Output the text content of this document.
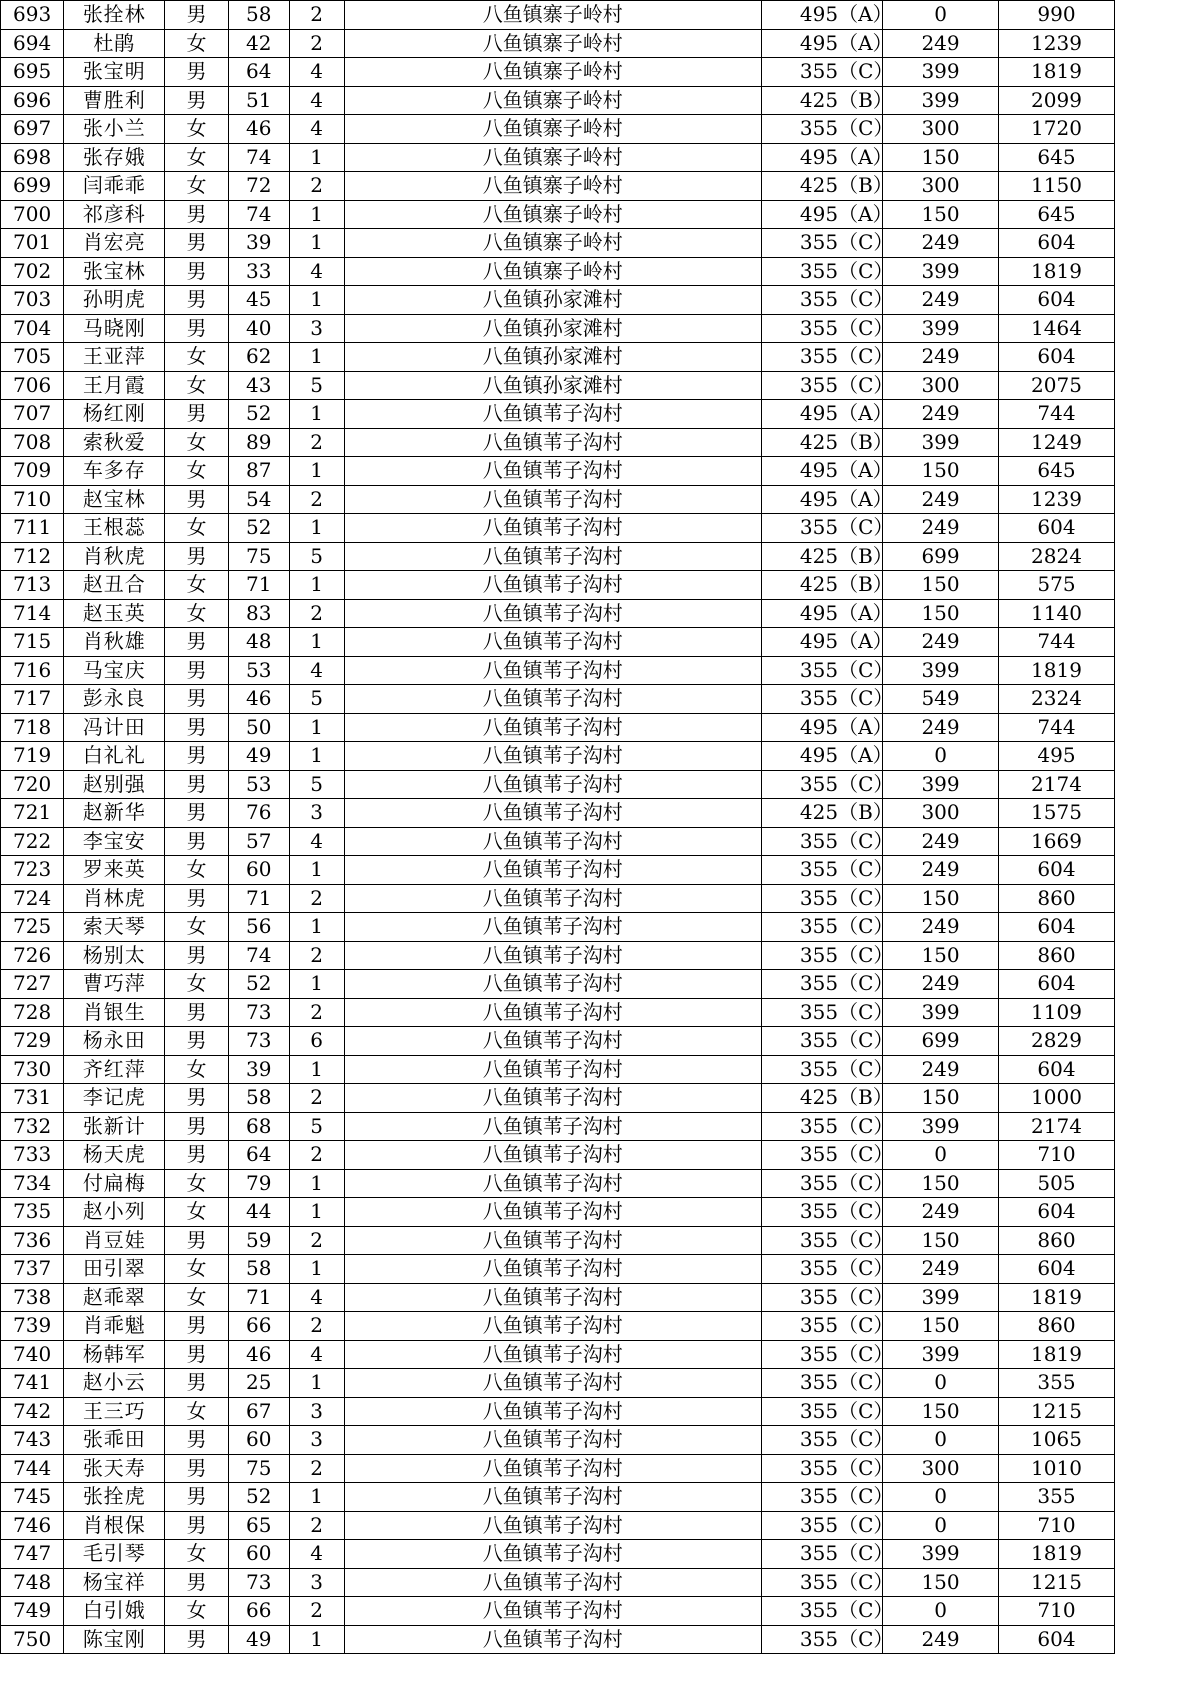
693	张拴林	男	58	2	八鱼镇寨子岭村	495（A）	0	990
694	杜鹃	女	42	2	八鱼镇寨子岭村	495（A）	249	1239
695	张宝明	男	64	4	八鱼镇寨子岭村	355（C）	399	1819
696	曹胜利	男	51	4	八鱼镇寨子岭村	425（B）	399	2099
697	张小兰	女	46	4	八鱼镇寨子岭村	355（C）	300	1720
698	张存娥	女	74	1	八鱼镇寨子岭村	495（A）	150	645
699	闫乖乖	女	72	2	八鱼镇寨子岭村	425（B）	300	1150
700	祁彦科	男	74	1	八鱼镇寨子岭村	495（A）	150	645
701	肖宏亮	男	39	1	八鱼镇寨子岭村	355（C）	249	604
702	张宝林	男	33	4	八鱼镇寨子岭村	355（C）	399	1819
703	孙明虎	男	45	1	八鱼镇孙家滩村	355（C）	249	604
704	马晓刚	男	40	3	八鱼镇孙家滩村	355（C）	399	1464
705	王亚萍	女	62	1	八鱼镇孙家滩村	355（C）	249	604
706	王月霞	女	43	5	八鱼镇孙家滩村	355（C）	300	2075
707	杨红刚	男	52	1	八鱼镇苇子沟村	495（A）	249	744
708	索秋爱	女	89	2	八鱼镇苇子沟村	425（B）	399	1249
709	车多存	女	87	1	八鱼镇苇子沟村	495（A）	150	645
710	赵宝林	男	54	2	八鱼镇苇子沟村	495（A）	249	1239
711	王根蕊	女	52	1	八鱼镇苇子沟村	355（C）	249	604
712	肖秋虎	男	75	5	八鱼镇苇子沟村	425（B）	699	2824
713	赵丑合	女	71	1	八鱼镇苇子沟村	425（B）	150	575
714	赵玉英	女	83	2	八鱼镇苇子沟村	495（A）	150	1140
715	肖秋雄	男	48	1	八鱼镇苇子沟村	495（A）	249	744
716	马宝庆	男	53	4	八鱼镇苇子沟村	355（C）	399	1819
717	彭永良	男	46	5	八鱼镇苇子沟村	355（C）	549	2324
718	冯计田	男	50	1	八鱼镇苇子沟村	495（A）	249	744
719	白礼礼	男	49	1	八鱼镇苇子沟村	495（A）	0	495
720	赵别强	男	53	5	八鱼镇苇子沟村	355（C）	399	2174
721	赵新华	男	76	3	八鱼镇苇子沟村	425（B）	300	1575
722	李宝安	男	57	4	八鱼镇苇子沟村	355（C）	249	1669
723	罗来英	女	60	1	八鱼镇苇子沟村	355（C）	249	604
724	肖林虎	男	71	2	八鱼镇苇子沟村	355（C）	150	860
725	索天琴	女	56	1	八鱼镇苇子沟村	355（C）	249	604
726	杨别太	男	74	2	八鱼镇苇子沟村	355（C）	150	860
727	曹巧萍	女	52	1	八鱼镇苇子沟村	355（C）	249	604
728	肖银生	男	73	2	八鱼镇苇子沟村	355（C）	399	1109
729	杨永田	男	73	6	八鱼镇苇子沟村	355（C）	699	2829
730	齐红萍	女	39	1	八鱼镇苇子沟村	355（C）	249	604
731	李记虎	男	58	2	八鱼镇苇子沟村	425（B）	150	1000
732	张新计	男	68	5	八鱼镇苇子沟村	355（C）	399	2174
733	杨天虎	男	64	2	八鱼镇苇子沟村	355（C）	0	710
734	付扁梅	女	79	1	八鱼镇苇子沟村	355（C）	150	505
735	赵小列	女	44	1	八鱼镇苇子沟村	355（C）	249	604
736	肖豆娃	男	59	2	八鱼镇苇子沟村	355（C）	150	860
737	田引翠	女	58	1	八鱼镇苇子沟村	355（C）	249	604
738	赵乖翠	女	71	4	八鱼镇苇子沟村	355（C）	399	1819
739	肖乖魁	男	66	2	八鱼镇苇子沟村	355（C）	150	860
740	杨韩军	男	46	4	八鱼镇苇子沟村	355（C）	399	1819
741	赵小云	男	25	1	八鱼镇苇子沟村	355（C）	0	355
742	王三巧	女	67	3	八鱼镇苇子沟村	355（C）	150	1215
743	张乖田	男	60	3	八鱼镇苇子沟村	355（C）	0	1065
744	张天寿	男	75	2	八鱼镇苇子沟村	355（C）	300	1010
745	张拴虎	男	52	1	八鱼镇苇子沟村	355（C）	0	355
746	肖根保	男	65	2	八鱼镇苇子沟村	355（C）	0	710
747	毛引琴	女	60	4	八鱼镇苇子沟村	355（C）	399	1819
748	杨宝祥	男	73	3	八鱼镇苇子沟村	355（C）	150	1215
749	白引娥	女	66	2	八鱼镇苇子沟村	355（C）	0	710
750	陈宝刚	男	49	1	八鱼镇苇子沟村	355（C）	249	604
